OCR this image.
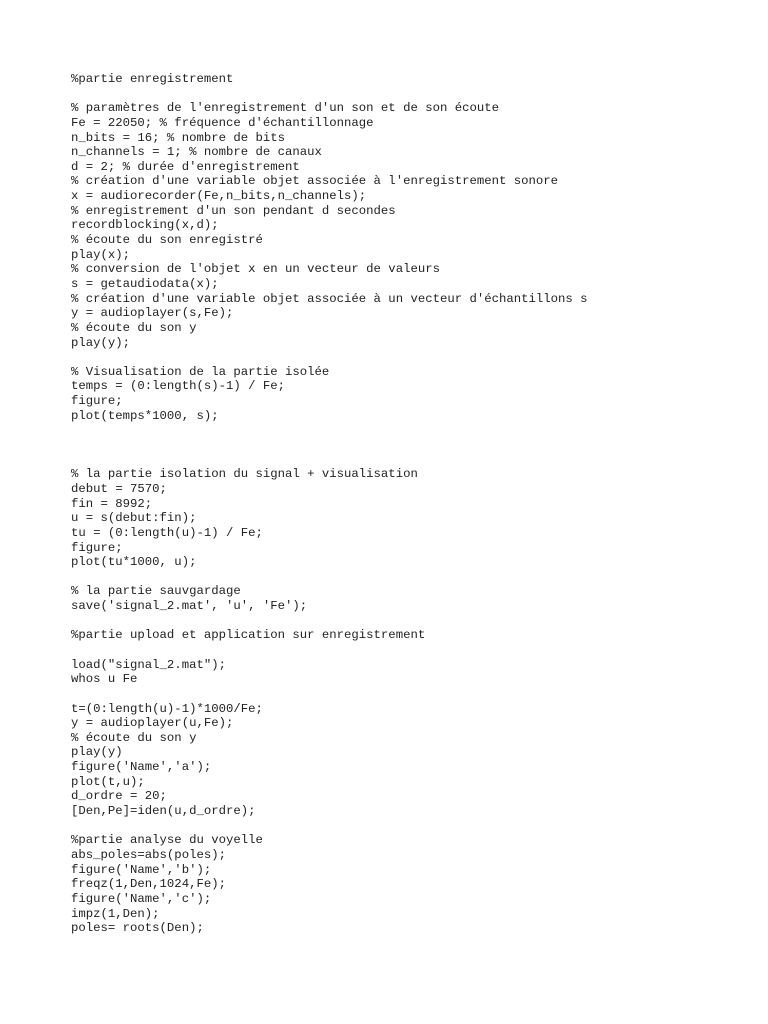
%partie enregistrement
% paramètres de l'enregistrement d'un son et de son écoute
Fe = 22050; % fréquence d'échantillonnage
n_bits = 16; % nombre de bits
n_channels = 1; % nombre de canaux
d = 2; % durée d'enregistrement
% création d'une variable objet associée à l'enregistrement sonore
x = audiorecorder(Fe,n_bits,n_channels);
% enregistrement d'un son pendant d secondes
recordblocking(x,d);
% écoute du son enregistré
play(x);
% conversion de l'objet x en un vecteur de valeurs
s = getaudiodata(x);
% création d'une variable objet associée à un vecteur d'échantillons s
y = audioplayer(s,Fe);
% écoute du son y
play(y);
% Visualisation de la partie isolée
temps = (0:length(s)-1) / Fe;
figure;
plot(temps*1000, s);
% la partie isolation du signal + visualisation
debut = 7570;
fin = 8992;
u = s(debut:fin);
tu = (0:length(u)-1) / Fe;
figure;
plot(tu*1000, u);
% la partie sauvgardage
save('signal_2.mat', 'u', 'Fe');
%partie upload et application sur enregistrement
load("signal_2.mat");
whos u Fe
t=(0:length(u)-1)*1000/Fe;
y = audioplayer(u,Fe);
% écoute du son y
play(y)
figure('Name','a');
plot(t,u);
d_ordre = 20;
[Den,Pe]=iden(u,d_ordre);
%partie analyse du voyelle
abs_poles=abs(poles);
figure('Name','b');
freqz(1,Den,1024,Fe);
figure('Name','c');
impz(1,Den);
poles= roots(Den);
